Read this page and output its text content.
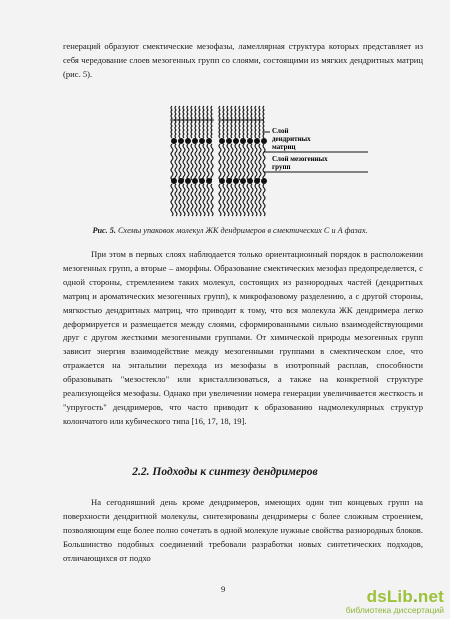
генераций образуют смектические мезофазы, ламеллярная структура которых представляет из себя чередование слоев мезогенных групп со слоями, состоящими из мягких дендритных матриц (рис. 5).

Слой
дендритных
матриц
Слой мезогенных
групп

Рис. 5. Схемы упаковок молекул ЖК дендримеров в смектических С и А фазах.

При этом в первых слоях наблюдается только ориентационный порядок в расположении мезогенных групп, а вторые – аморфны. Образование смектических мезофаз предопределяется, с одной стороны, стремлением таких молекул, состоящих из разнородных частей (дендритных матриц и ароматических мезогенных групп), к микрофазовому разделению, а с другой стороны, мягкостью дендритных матриц, что приводит к тому, что вся молекула ЖК дендримера легко деформируется и размещается между слоями, сформированными сильно взаимодействующими друг с другом жесткими мезогенными группами. От химической природы мезогенных групп зависит энергия взаимодействие между мезогенными группами в смектическом слое, что отражается на энтальпии перехода из мезофазы в изотропный расплав, способности образовывать "мезостекло" или кристаллизоваться, а также на конкретной структуре реализующейся мезофазы. Однако при увеличении номера генерации увеличивается жесткость и "упругость" дендримеров, что часто приводит к образованию надмолекулярных структур колончатого или кубического типа [16, 17, 18, 19].

2.2. Подходы к синтезу дендримеров

На сегодняшний день кроме дендримеров, имеющих один тип концевых групп на поверхности дендритной молекулы, синтезированы дендримеры с более сложным строением, позволяющим еще более полно сочетать в одной молекуле нужные свойства разнородных блоков. Большинство подобных соединений требовали разработки новых синтетических подходов, отличающихся от подхо

9	dsLib.net
библиотека диссертаций
